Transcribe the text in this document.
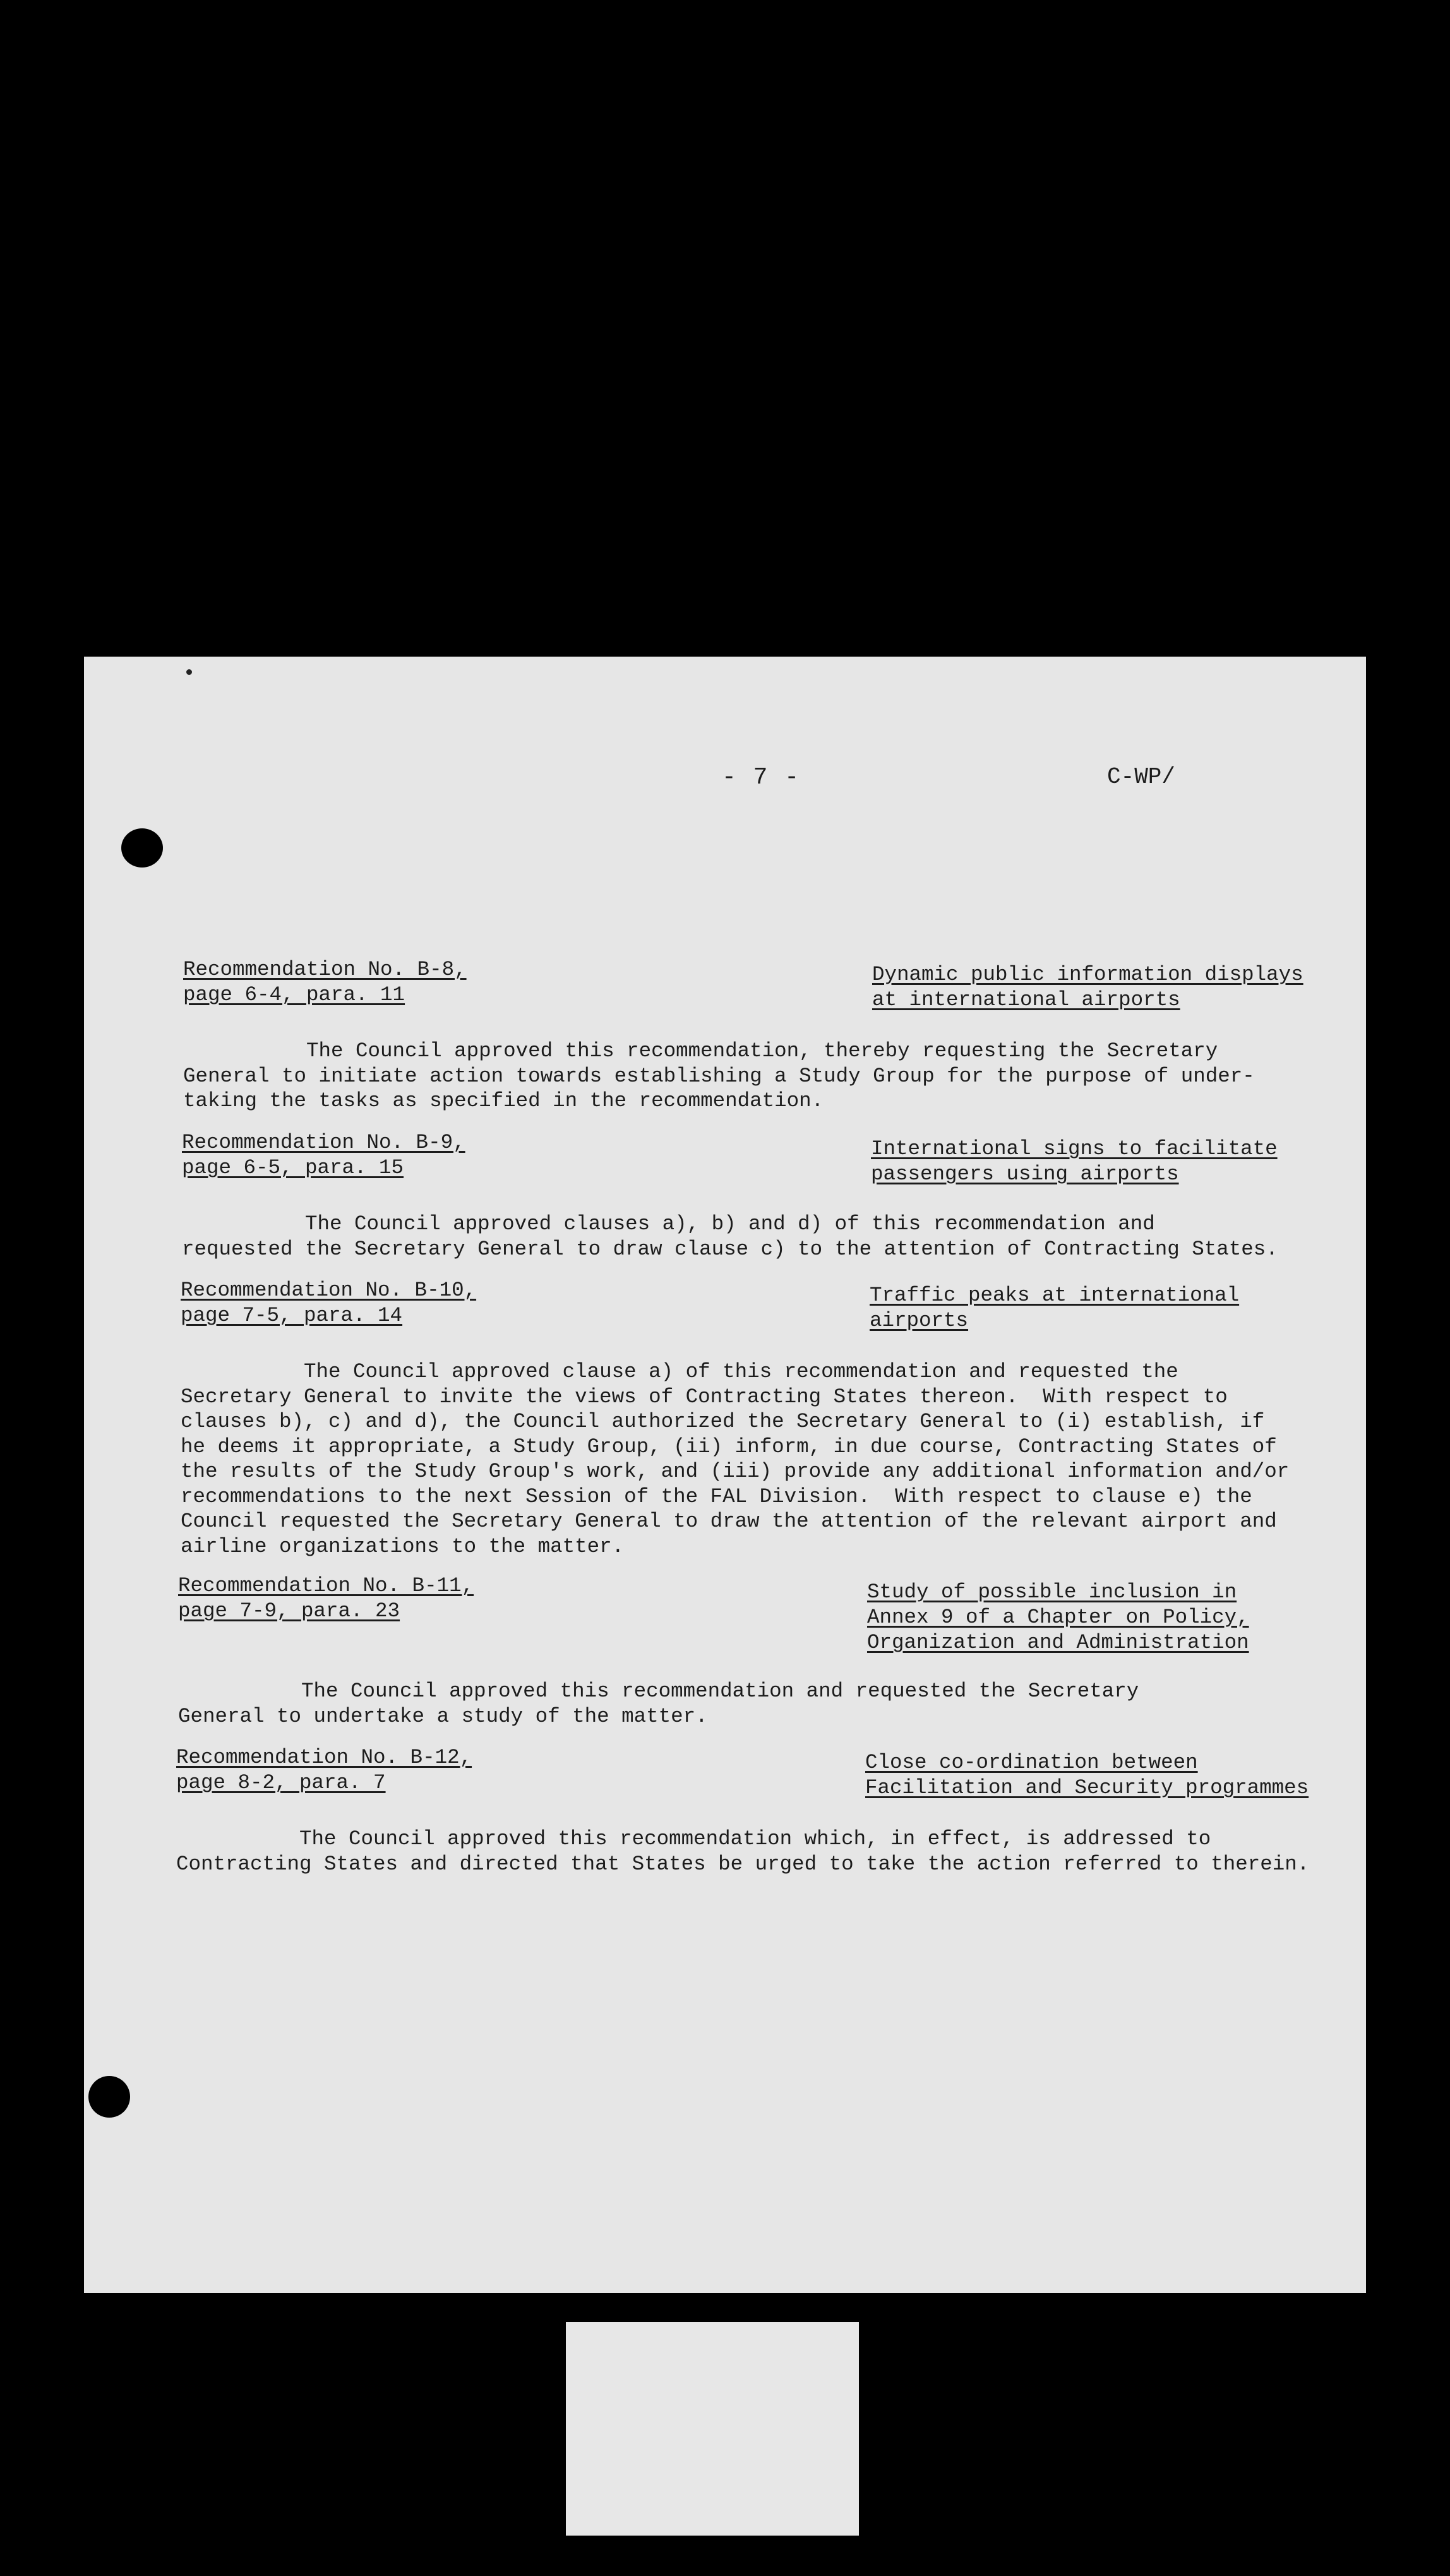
- 7 -	C-WP/

Recommendation No. B-8,
page 6-4, para. 11

Dynamic public information displays
at international airports

The Council approved this recommendation, thereby requesting the Secretary
General to initiate action towards establishing a Study Group for the purpose of under-
taking the tasks as specified in the recommendation.

Recommendation No. B-9,
page 6-5, para. 15

International signs to facilitate
passengers using airports

The Council approved clauses a), b) and d) of this recommendation and
requested the Secretary General to draw clause c) to the attention of Contracting States.

Recommendation No. B-10,
page 7-5, para. 14

Traffic peaks at international
airports

The Council approved clause a) of this recommendation and requested the
Secretary General to invite the views of Contracting States thereon.  With respect to
clauses b), c) and d), the Council authorized the Secretary General to (i) establish, if
he deems it appropriate, a Study Group, (ii) inform, in due course, Contracting States of
the results of the Study Group's work, and (iii) provide any additional information and/or
recommendations to the next Session of the FAL Division.  With respect to clause e) the
Council requested the Secretary General to draw the attention of the relevant airport and
airline organizations to the matter.

Recommendation No. B-11,
page 7-9, para. 23

Study of possible inclusion in
Annex 9 of a Chapter on Policy,
Organization and Administration

The Council approved this recommendation and requested the Secretary
General to undertake a study of the matter.

Recommendation No. B-12,
page 8-2, para. 7

Close co-ordination between
Facilitation and Security programmes

The Council approved this recommendation which, in effect, is addressed to
Contracting States and directed that States be urged to take the action referred to therein.
